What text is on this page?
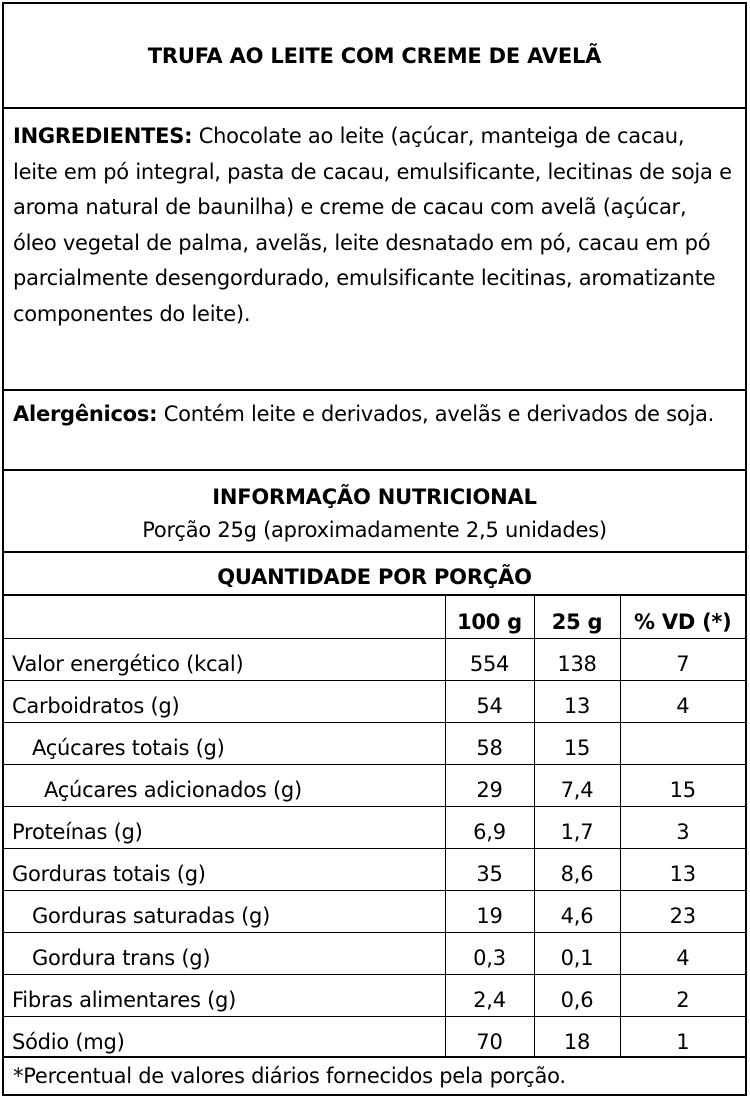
TRUFA AO LEITE COM CREME DE AVELÃ
INGREDIENTES: Chocolate ao leite (açúcar, manteiga de cacau, leite em pó integral, pasta de cacau, emulsificante, lecitinas de soja e aroma natural de baunilha) e creme de cacau com avelã (açúcar, óleo vegetal de palma, avelãs, leite desnatado em pó, cacau em pó parcialmente desengordurado, emulsificante lecitinas, aromatizante componentes do leite).
Alergênicos: Contém leite e derivados, avelãs e derivados de soja.
INFORMAÇÃO NUTRICIONAL
Porção 25g (aproximadamente 2,5 unidades)
QUANTIDADE POR PORÇÃO
	100 g	25 g	% VD (*)
Valor energético (kcal)	554	138	7
Carboidratos (g)	54	13	4
Açúcares totais (g)	58	15	
Açúcares adicionados (g)	29	7,4	15
Proteínas (g)	6,9	1,7	3
Gorduras totais (g)	35	8,6	13
Gorduras saturadas (g)	19	4,6	23
Gordura trans (g)	0,3	0,1	4
Fibras alimentares (g)	2,4	0,6	2
Sódio (mg)	70	18	1
*Percentual de valores diários fornecidos pela porção.
